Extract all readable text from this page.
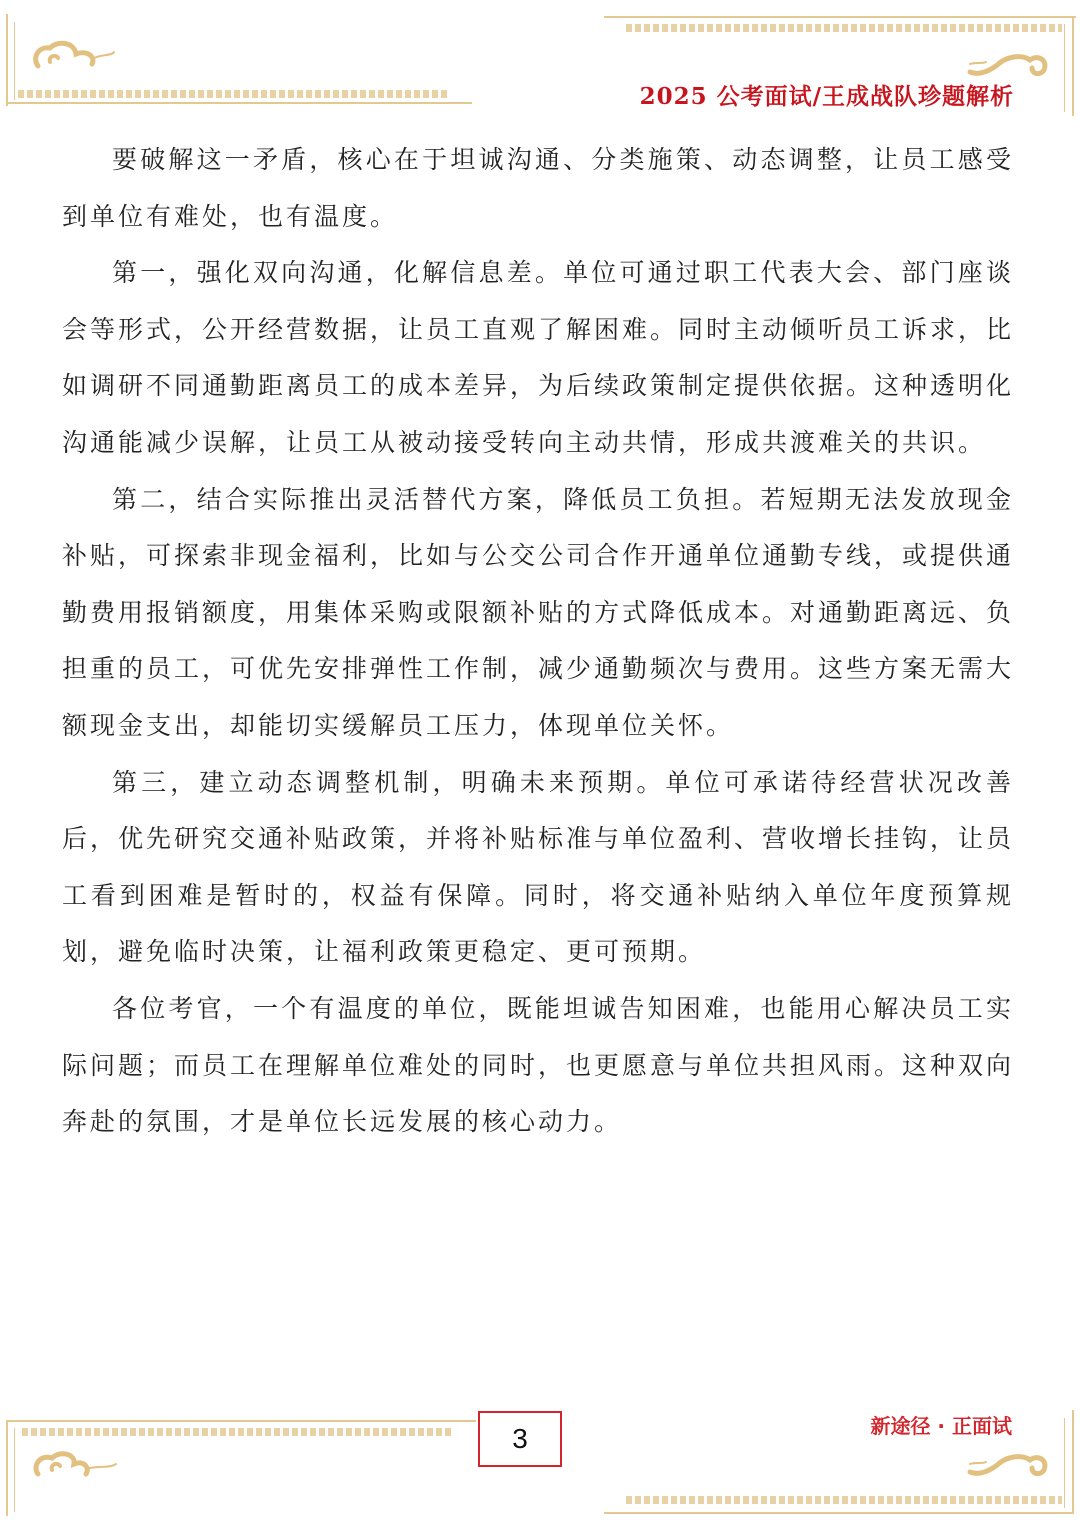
2025 公考面试/王成战队珍题解析

要破解这一矛盾，核心在于坦诚沟通、分类施策、动态调整，让员工感受到单位有难处，也有温度。

第一，强化双向沟通，化解信息差。单位可通过职工代表大会、部门座谈会等形式，公开经营数据，让员工直观了解困难。同时主动倾听员工诉求，比如调研不同通勤距离员工的成本差异，为后续政策制定提供依据。这种透明化沟通能减少误解，让员工从被动接受转向主动共情，形成共渡难关的共识。

第二，结合实际推出灵活替代方案，降低员工负担。若短期无法发放现金补贴，可探索非现金福利，比如与公交公司合作开通单位通勤专线，或提供通勤费用报销额度，用集体采购或限额补贴的方式降低成本。对通勤距离远、负担重的员工，可优先安排弹性工作制，减少通勤频次与费用。这些方案无需大额现金支出，却能切实缓解员工压力，体现单位关怀。

第三，建立动态调整机制，明确未来预期。单位可承诺待经营状况改善后，优先研究交通补贴政策，并将补贴标准与单位盈利、营收增长挂钩，让员工看到困难是暂时的，权益有保障。同时，将交通补贴纳入单位年度预算规划，避免临时决策，让福利政策更稳定、更可预期。

各位考官，一个有温度的单位，既能坦诚告知困难，也能用心解决员工实际问题；而员工在理解单位难处的同时，也更愿意与单位共担风雨。这种双向奔赴的氛围，才是单位长远发展的核心动力。

3	新途径 · 正面试
